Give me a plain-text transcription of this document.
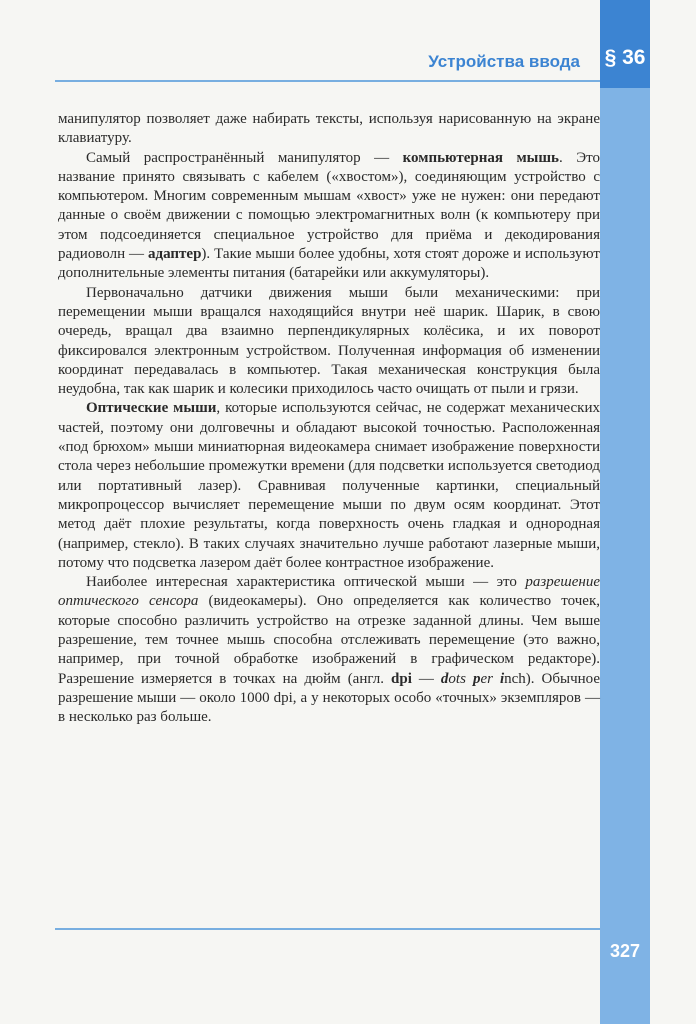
Устройства ввода § 36

манипулятор позволяет даже набирать тексты, используя нарисованную на экране клавиатуру.

Самый распространённый манипулятор — компьютерная мышь. Это название принято связывать с кабелем («хвостом»), соединяющим устройство с компьютером. Многим современным мышам «хвост» уже не нужен: они передают данные о своём движении с помощью электромагнитных волн (к компьютеру при этом подсоединяется специальное устройство для приёма и декодирования радиоволн — адаптер). Такие мыши более удобны, хотя стоят дороже и используют дополнительные элементы питания (батарейки или аккумуляторы).

Первоначально датчики движения мыши были механическими: при перемещении мыши вращался находящийся внутри неё шарик. Шарик, в свою очередь, вращал два взаимно перпендикулярных колёсика, и их поворот фиксировался электронным устройством. Полученная информация об изменении координат передавалась в компьютер. Такая механическая конструкция была неудобна, так как шарик и колесики приходилось часто очищать от пыли и грязи.

Оптические мыши, которые используются сейчас, не содержат механических частей, поэтому они долговечны и обладают высокой точностью. Расположенная «под брюхом» мыши миниатюрная видеокамера снимает изображение поверхности стола через небольшие промежутки времени (для подсветки используется светодиод или портативный лазер). Сравнивая полученные картинки, специальный микропроцессор вычисляет перемещение мыши по двум осям координат. Этот метод даёт плохие результаты, когда поверхность очень гладкая и однородная (например, стекло). В таких случаях значительно лучше работают лазерные мыши, потому что подсветка лазером даёт более контрастное изображение.

Наиболее интересная характеристика оптической мыши — это разрешение оптического сенсора (видеокамеры). Оно определяется как количество точек, которые способно различить устройство на отрезке заданной длины. Чем выше разрешение, тем точнее мышь способна отслеживать перемещение (это важно, например, при точной обработке изображений в графическом редакторе). Разрешение измеряется в точках на дюйм (англ. dpi — dots per inch). Обычное разрешение мыши — около 1000 dpi, а у некоторых особо «точных» экземпляров — в несколько раз больше.

327
